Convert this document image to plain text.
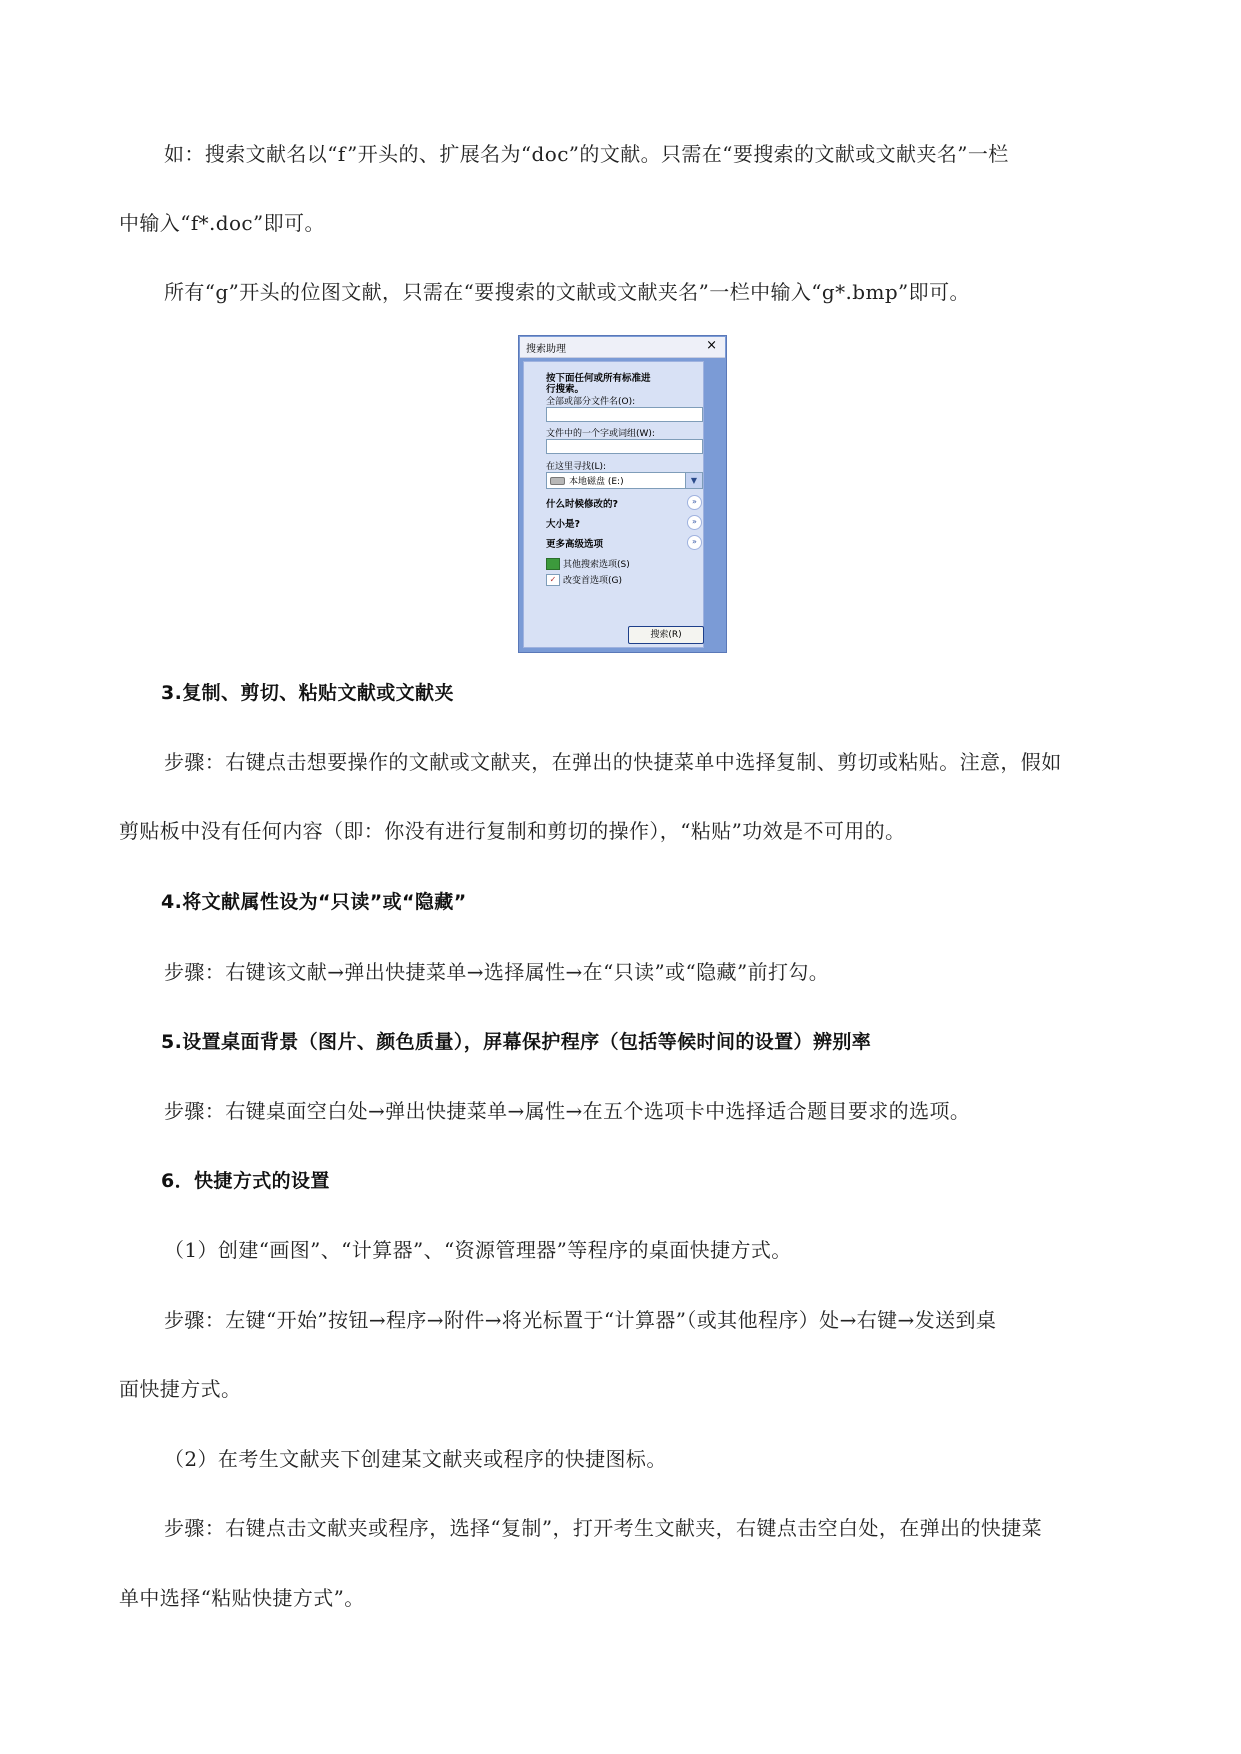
如：搜索文献名以“f”开头的、扩展名为“doc”的文献。只需在“要搜索的文献或文献夹名”一栏
中输入“f*.doc”即可。
所有“g”开头的位图文献，只需在“要搜索的文献或文献夹名”一栏中输入“g*.bmp”即可。
搜索助理	×
按下面任何或所有标准进
行搜索。
全部或部分文件名(O):
文件中的一个字或词组(W):
在这里寻找(L):
本地磁盘 (E:)	▼
什么时候修改的?	»
大小是?	»
更多高级选项	»
其他搜索选项(S)
✓ 改变首选项(G)
搜索(R)
3.复制、剪切、粘贴文献或文献夹
步骤：右键点击想要操作的文献或文献夹，在弹出的快捷菜单中选择复制、剪切或粘贴。注意，假如
剪贴板中没有任何内容（即：你没有进行复制和剪切的操作），“粘贴”功效是不可用的。
4.将文献属性设为“只读”或“隐藏”
步骤：右键该文献→弹出快捷菜单→选择属性→在“只读”或“隐藏”前打勾。
5.设置桌面背景（图片、颜色质量），屏幕保护程序（包括等候时间的设置）辨别率
步骤：右键桌面空白处→弹出快捷菜单→属性→在五个选项卡中选择适合题目要求的选项。
6．快捷方式的设置
（1）创建“画图”、“计算器”、“资源管理器”等程序的桌面快捷方式。
步骤：左键“开始”按钮→程序→附件→将光标置于“计算器”（或其他程序）处→右键→发送到桌
面快捷方式。
（2）在考生文献夹下创建某文献夹或程序的快捷图标。
步骤：右键点击文献夹或程序，选择“复制”，打开考生文献夹，右键点击空白处，在弹出的快捷菜
单中选择“粘贴快捷方式”。
